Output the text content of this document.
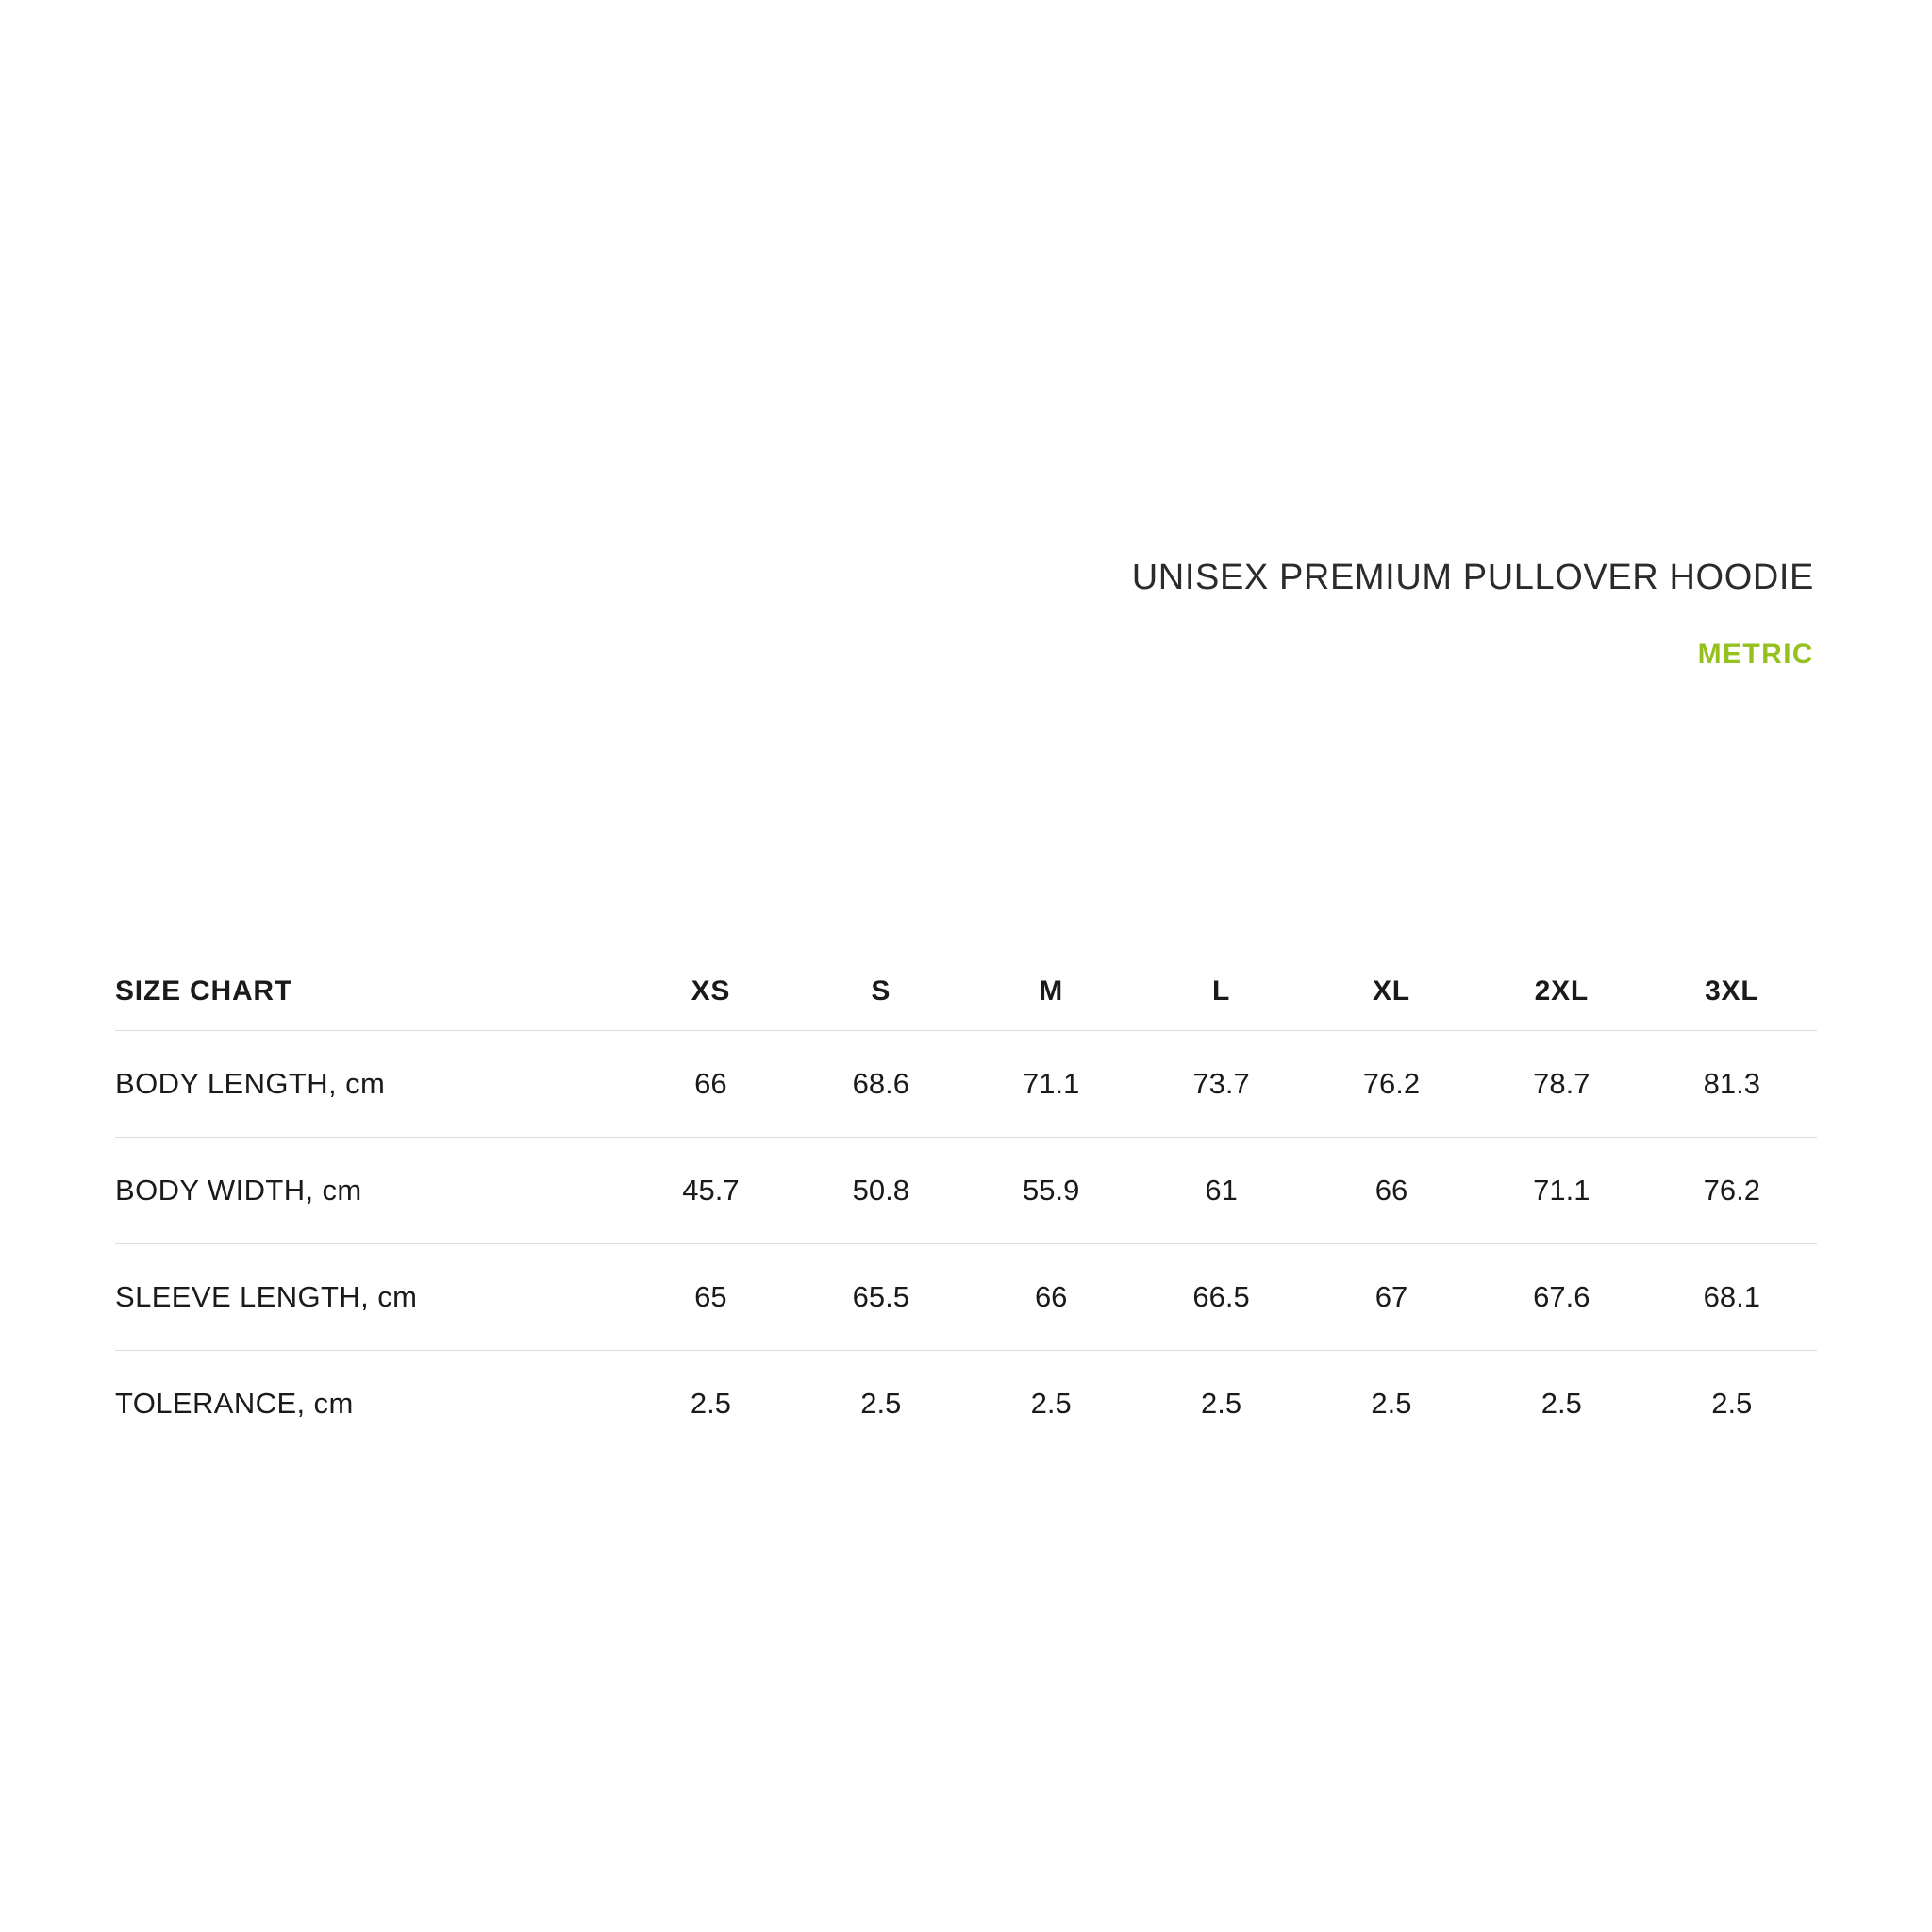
UNISEX PREMIUM PULLOVER HOODIE
METRIC
SIZE CHART	XS	S	M	L	XL	2XL	3XL
BODY LENGTH, cm	66	68.6	71.1	73.7	76.2	78.7	81.3
BODY WIDTH, cm	45.7	50.8	55.9	61	66	71.1	76.2
SLEEVE LENGTH, cm	65	65.5	66	66.5	67	67.6	68.1
TOLERANCE, cm	2.5	2.5	2.5	2.5	2.5	2.5	2.5
